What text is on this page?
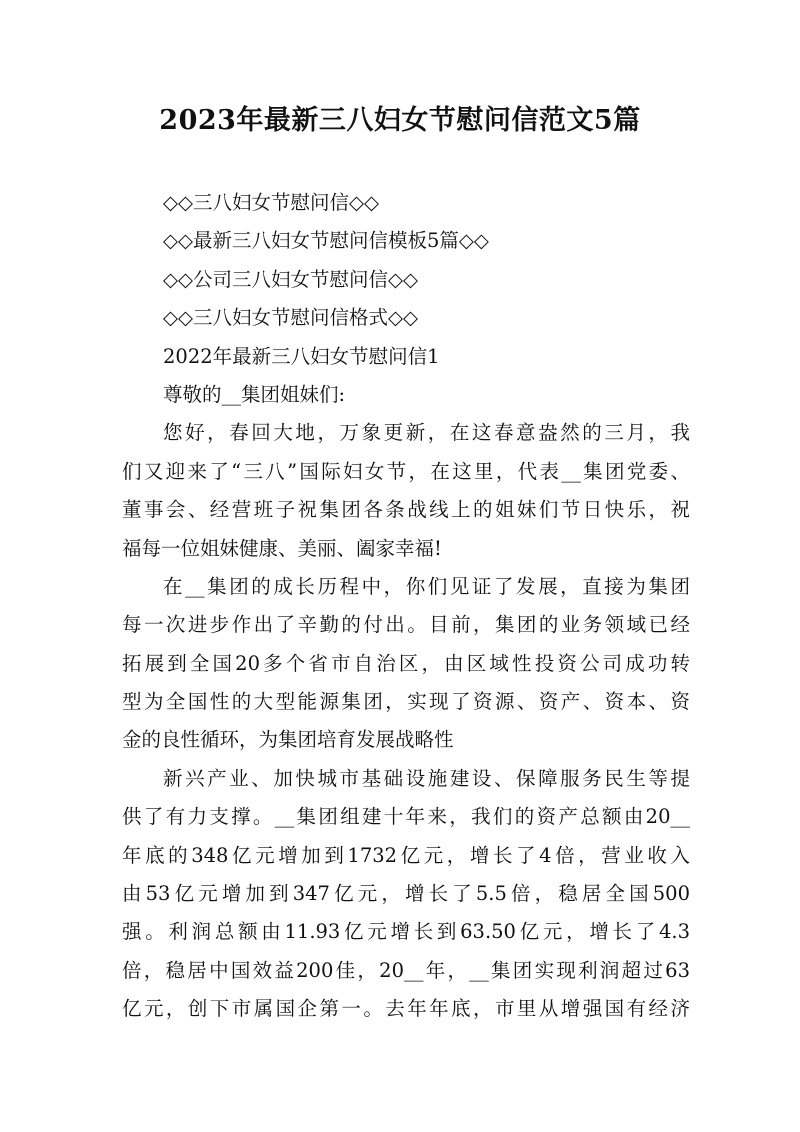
2023年最新三八妇女节慰问信范文5篇

◇◇三八妇女节慰问信◇◇

◇◇最新三八妇女节慰问信模板5篇◇◇

◇◇公司三八妇女节慰问信◇◇

◇◇三八妇女节慰问信格式◇◇

2022年最新三八妇女节慰问信1

尊敬的__集团姐妹们:

您好，春回大地，万象更新，在这春意盎然的三月，我

们又迎来了“三八”国际妇女节，在这里，代表__集团党委、

董事会、经营班子祝集团各条战线上的姐妹们节日快乐，祝

福每一位姐妹健康、美丽、阖家幸福!

在__集团的成长历程中，你们见证了发展，直接为集团

每一次进步作出了辛勤的付出。目前，集团的业务领域已经

拓展到全国20多个省市自治区，由区域性投资公司成功转

型为全国性的大型能源集团，实现了资源、资产、资本、资

金的良性循环，为集团培育发展战略性

新兴产业、加快城市基础设施建设、保障服务民生等提

供了有力支撑。__集团组建十年来，我们的资产总额由20__

年底的348亿元增加到1732亿元，增长了4倍，营业收入

由53亿元增加到347亿元，增长了5.5倍，稳居全国500

强。利润总额由11.93亿元增长到63.50亿元，增长了4.3

倍，稳居中国效益200佳，20__年，__集团实现利润超过63

亿元，创下市属国企第一。去年年底，市里从增强国有经济
